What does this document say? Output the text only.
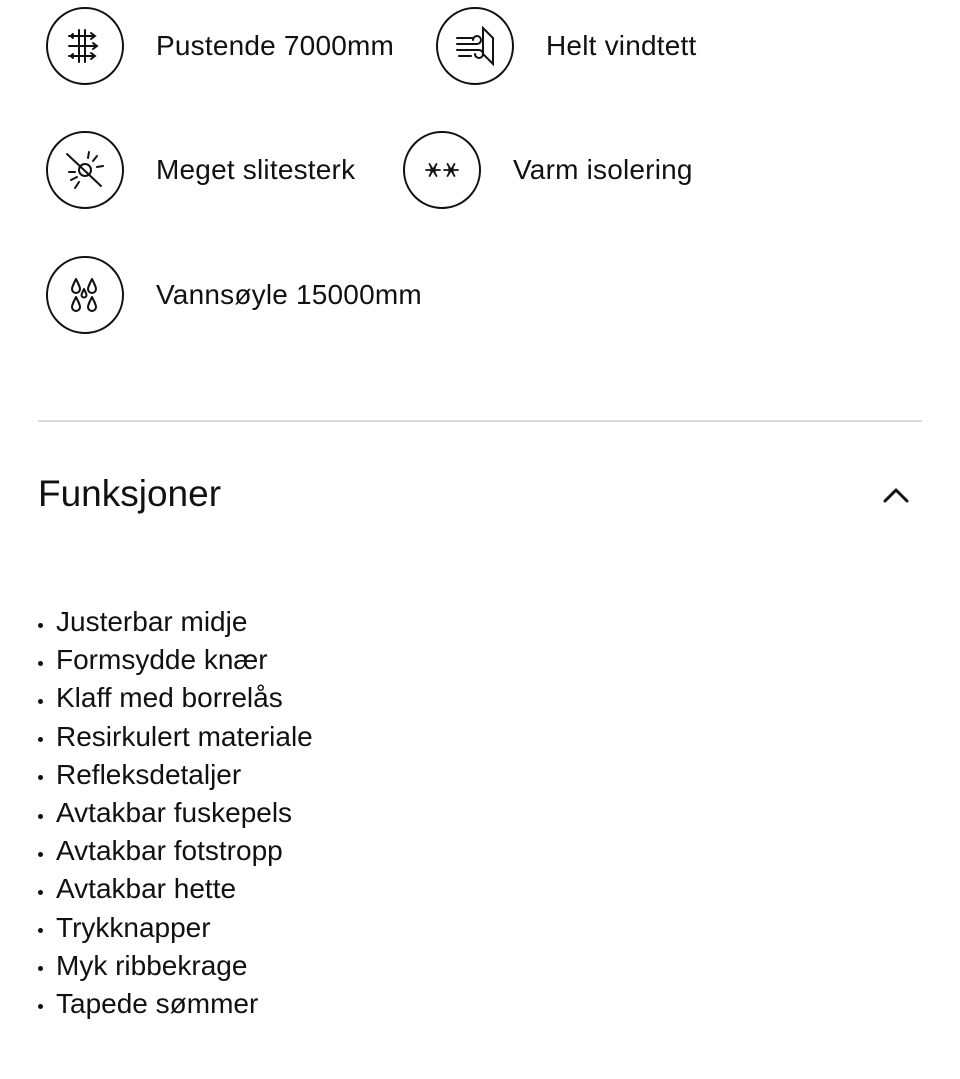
Pustende 7000mm	Helt vindtett
Meget slitesterk	Varm isolering
Vannsøyle 15000mm
Funksjoner
Justerbar midje
Formsydde knær
Klaff med borrelås
Resirkulert materiale
Refleksdetaljer
Avtakbar fuskepels
Avtakbar fotstropp
Avtakbar hette
Trykknapper
Myk ribbekrage
Tapede sømmer
